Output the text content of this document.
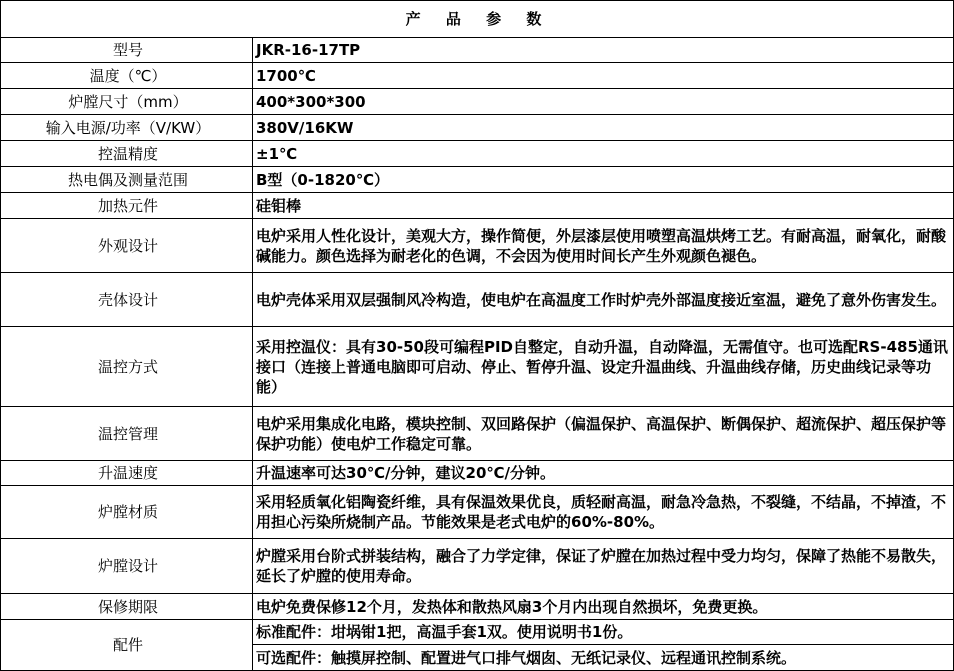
产 品 参 数	
型号	JKR-16-17TP
温度（℃）	1700℃
炉膛尺寸（mm）	400*300*300
输入电源/功率（V/KW）	380V/16KW
控温精度	±1℃
热电偶及测量范围	B型（0-1820℃）
加热元件	硅钼棒
外观设计	电炉采用人性化设计，美观大方，操作简便，外层漆层使用喷塑高温烘烤工艺。有耐高温，耐氧化，耐酸碱能力。颜色选择为耐老化的色调，不会因为使用时间长产生外观颜色褪色。
壳体设计	电炉壳体采用双层强制风冷构造，使电炉在高温度工作时炉壳外部温度接近室温，避免了意外伤害发生。
温控方式	采用控温仪：具有30-50段可编程PID自整定，自动升温，自动降温，无需值守。也可选配RS-485通讯接口（连接上普通电脑即可启动、停止、暂停升温、设定升温曲线、升温曲线存储，历史曲线记录等功能）
温控管理	电炉采用集成化电路，模块控制、双回路保护（偏温保护、高温保护、断偶保护、超流保护、超压保护等保护功能）使电炉工作稳定可靠。
升温速度	升温速率可达30℃/分钟，建议20℃/分钟。
炉膛材质	采用轻质氧化铝陶瓷纤维，具有保温效果优良，质轻耐高温，耐急冷急热，不裂缝，不结晶，不掉渣，不用担心污染所烧制产品。节能效果是老式电炉的60%-80%。
炉膛设计	炉膛采用台阶式拼装结构，融合了力学定律，保证了炉膛在加热过程中受力均匀，保障了热能不易散失，延长了炉膛的使用寿命。
保修期限	电炉免费保修12个月，发热体和散热风扇3个月内出现自然损坏，免费更换。
配件	标准配件：坩埚钳1把，高温手套1双。使用说明书1份。
	可选配件：触摸屏控制、配置进气口排气烟囱、无纸记录仪、远程通讯控制系统。
